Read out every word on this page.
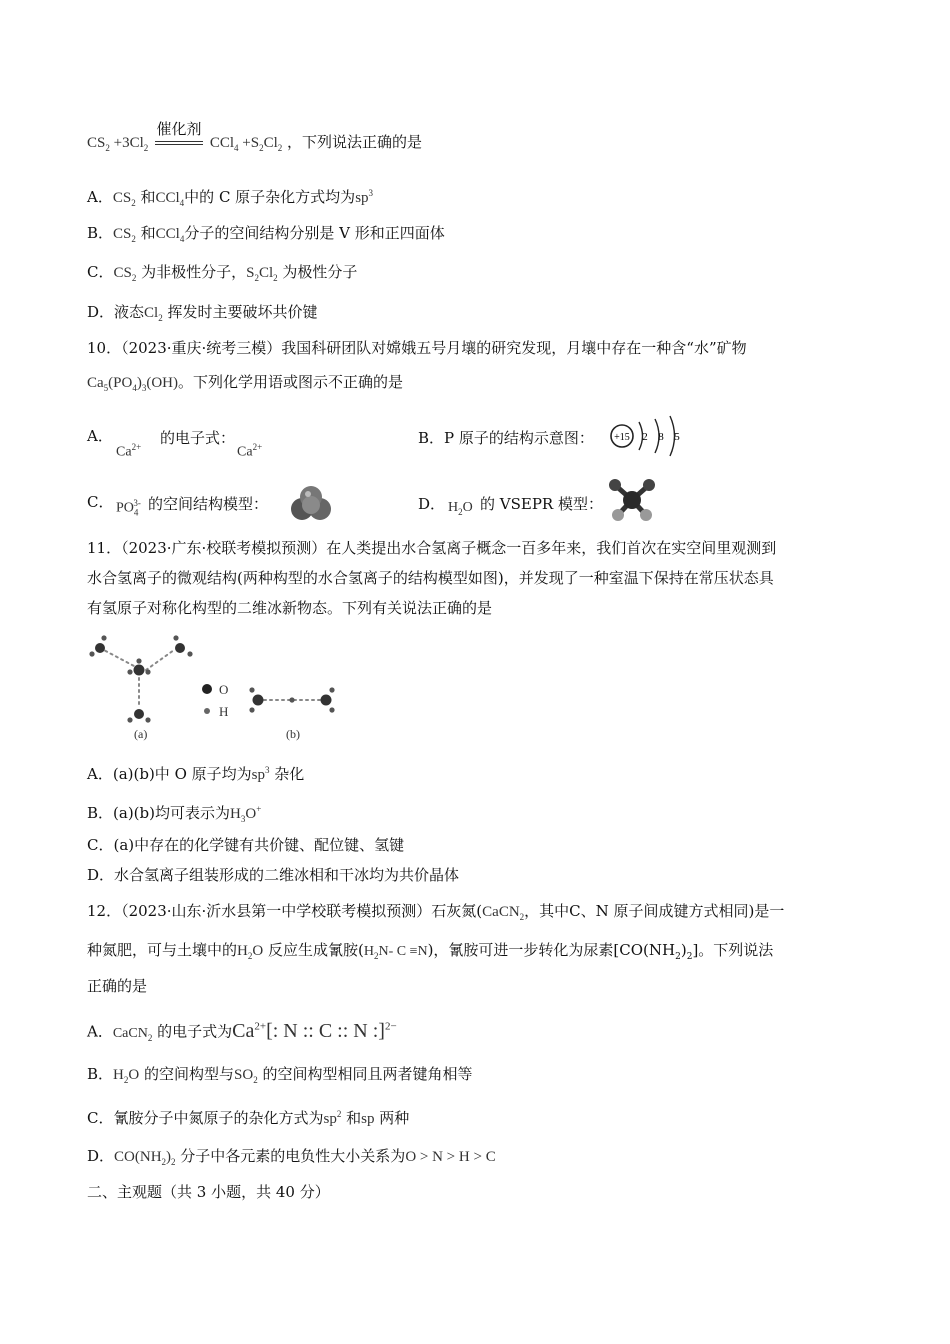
$CS_2 +3Cl_2$
催化剂
$CCl_4 +S_2Cl_2$ ，下列说法正确的是
A．$CS_2$ 和CCl$_4$中的 C 原子杂化方式均为$sp^3$
B．$CS_2$ 和CCl$_4$分子的空间结构分别是 V 形和正四面体
C．$CS_2$ 为非极性分子，$S_2Cl_2$ 为极性分子
D．液态$Cl_2$ 挥发时主要破坏共价键
10．（2023·重庆·统考三模）我国科研团队对嫦娥五号月壤的研究发现，月壤中存在一种含“水”矿物
$Ca_5(PO_4)_3(OH)$。下列化学用语或图示不正确的是
A．
$Ca^{2+}$ 的电子式：
$Ca^{2+}$	B．P 原子的结构示意图： +15 2 8 5
C． $PO_4^{3-}$ 的空间结构模型：	D． $H_2O$ 的 VSEPR 模型：
11．（2023·广东·校联考模拟预测）在人类提出水合氢离子概念一百多年来，我们首次在实空间里观测到
水合氢离子的微观结构(两种构型的水合氢离子的结构模型如图)，并发现了一种室温下保持在常压状态具
有氢原子对称化构型的二维冰新物态。下列有关说法正确的是
O
H
(a)	(b)
A．(a)(b)中 O 原子均为$sp^3$ 杂化
B．(a)(b)均可表示为$H_3O^+$
C．(a)中存在的化学键有共价键、配位键、氢键
D．水合氢离子组装形成的二维冰相和干冰均为共价晶体
12．（2023·山东·沂水县第一中学校联考模拟预测）石灰氮(CaCN$_2$，其中C、N 原子间成键方式相同)是一
种氮肥，可与土壤中的$H_2O$ 反应生成氰胺($H_2N-$ C ≡N)，氰胺可进一步转化为尿素$[CO(NH_2)_2]$。下列说法
正确的是
A．CaCN$_2$ 的电子式为$Ca^{2+}$[: N :: C :: N :]$^{2-}$
B．$H_2O$ 的空间构型与$SO_2$ 的空间构型相同且两者键角相等
C．氰胺分子中氮原子的杂化方式为$sp^2$ 和sp 两种
D．$CO(NH_2)_2$ 分子中各元素的电负性大小关系为O > N > H > C
二、主观题（共 3 小题，共 40 分）
